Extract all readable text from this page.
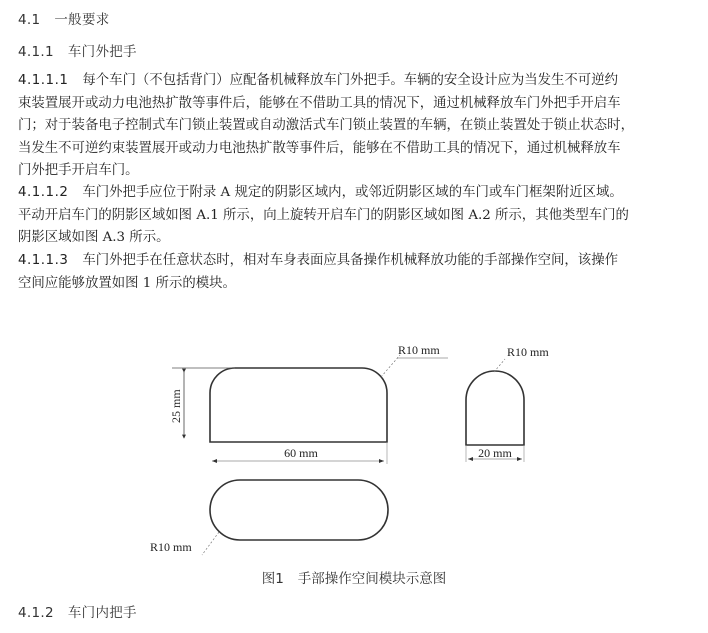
4.1 一般要求
4.1.1 车门外把手
4.1.1.1 每个车门（不包括背门）应配备机械释放车门外把手。车辆的安全设计应为当发生不可逆约
束装置展开或动力电池热扩散等事件后，能够在不借助工具的情况下，通过机械释放车门外把手开启车
门；对于装备电子控制式车门锁止装置或自动激活式车门锁止装置的车辆，在锁止装置处于锁止状态时，
当发生不可逆约束装置展开或动力电池热扩散等事件后，能够在不借助工具的情况下，通过机械释放车
门外把手开启车门。
4.1.1.2 车门外把手应位于附录 A 规定的阴影区域内，或邻近阴影区域的车门或车门框架附近区域。
平动开启车门的阴影区域如图 A.1 所示，向上旋转开启车门的阴影区域如图 A.2 所示，其他类型车门的
阴影区域如图 A.3 所示。
4.1.1.3 车门外把手在任意状态时，相对车身表面应具备操作机械释放功能的手部操作空间，该操作
空间应能够放置如图 1 所示的模块。
25 mm
60 mm
R10 mm	R10 mm
20 mm
R10 mm
图1 手部操作空间模块示意图
4.1.2 车门内把手
